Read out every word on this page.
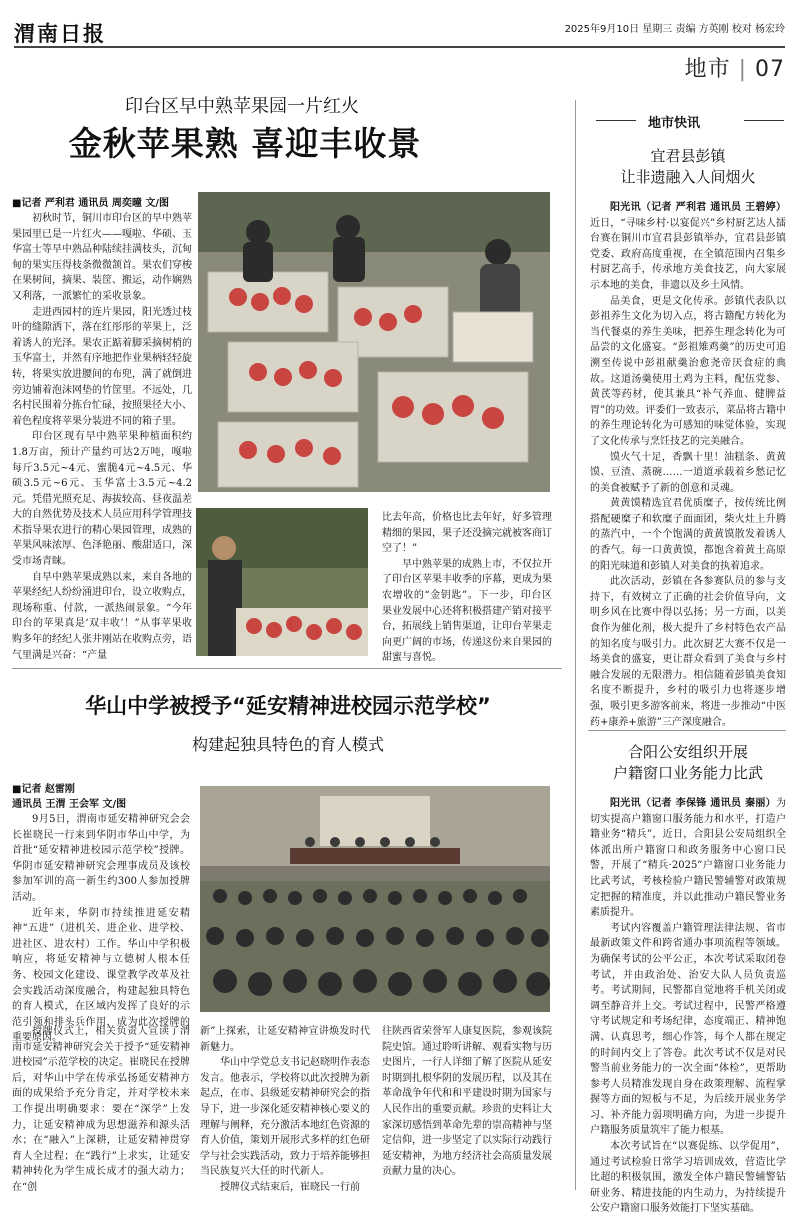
渭南日报	2025年9月10日 星期三 责编 方英刚 校对 杨宏玲
地市 | 07
印台区早中熟苹果园一片红火
金秋苹果熟 喜迎丰收景
■记者 严利君 通讯员 周奕曈 文/图

初秋时节，铜川市印台区的早中熟苹果园里已是一片红火——嘎啦、华硕、玉华富士等早中熟品种陆续挂满枝头，沉甸甸的果实压得枝条微微颔首。果农们穿梭在果树间，摘果、装筐、搬运，动作娴熟又利落，一派繁忙的采收景象。

走进西园村的连片果园，阳光透过枝叶的缝隙洒下，落在红彤彤的苹果上，泛着诱人的光泽。果农正踮着脚采摘树梢的玉华富士，并然有序地把作业果柄轻轻旋转，将果实放进腰间的布兜，满了就倒进旁边铺着泡沫网垫的竹筐里。不远处，几名村民围着分拣台忙碌，按照果径大小、着色程度将苹果分装进不同的箱子里。

印台区现有早中熟苹果种植面积约1.8万亩，预计产量约可达2万吨，嘎啦每斤3.5元~4元、蜜脆4元~4.5元、华硕3.5元~6元、玉华富士3.5元~4.2元。凭借光照充足、海拔较高、昼夜温差大的自然优势及技术人员应用科学管理技术指导果农进行的精心果园管理，成熟的苹果风味浓厚、色泽艳丽、酸甜适口，深受市场青睐。

自早中熟苹果成熟以来，来自各地的苹果经纪人纷纷涌进印台，设立收购点，现场称重、付款，一派热闹景象。“今年印台的苹果真是‘双丰收’！”从事苹果收购多年的经纪人张井刚站在收购点旁，语气里满是兴奋：“产量

比去年高，价格也比去年好，好多管理精细的果园，果子还没摘完就被客商订空了！”

早中熟苹果的成熟上市，不仅拉开了印台区苹果丰收季的序幕，更成为果农增收的“金钥匙”。下一步，印台区果业发展中心还将积极搭建产销对接平台，拓展线上销售渠道，让印台苹果走向更广阔的市场，传递这份来自果园的甜蜜与喜悦。

华山中学被授予“延安精神进校园示范学校”
构建起独具特色的育人模式
■记者 赵雷刚
通讯员 王渭 王会军 文/图

9月5日，渭南市延安精神研究会会长崔晓民一行来到华阴市华山中学，为首批“延安精神进校园示范学校”授牌。华阴市延安精神研究会理事成员及该校参加军训的高一新生约300人参加授牌活动。

近年来，华阴市持续推进延安精神“五进”（进机关、进企业、进学校、进社区、进农村）工作。华山中学积极响应，将延安精神与立德树人根本任务、校园文化建设、课堂教学改革及社会实践活动深度融合，构建起独具特色的育人模式，在区域内发挥了良好的示范引领和排头兵作用，成为此次授牌的重要原因。

授牌仪式上，相关负责人宣读了渭南市延安精神研究会关于授予“延安精神进校园”示范学校的决定。崔晓民在授牌后，对华山中学在传承弘扬延安精神方面的成果给予充分肯定，并对学校未来工作提出明确要求：要在“深学”上发力，让延安精神成为思想滋养和源头活水；在“融入”上深耕，让延安精神贯穿育人全过程；在“践行”上求实，让延安精神转化为学生成长成才的强大动力；在“创

新”上探索，让延安精神宣讲焕发时代新魅力。

华山中学党总支书记赵晓明作表态发言。他表示，学校将以此次授牌为新起点，在市、县级延安精神研究会的指导下，进一步深化延安精神核心要义的理解与阐释，充分激活本地红色资源的育人价值，策划开展形式多样的红色研学与社会实践活动，致力于培养能够担当民族复兴大任的时代新人。

授牌仪式结束后，崔晓民一行前

往陕西省荣誉军人康复医院，参观该院院史馆。通过聆听讲解、观看实物与历史图片，一行人详细了解了医院从延安时期到扎根华阴的发展历程，以及其在革命战争年代和和平建设时期为国家与人民作出的重要贡献。珍贵的史料让大家深切感悟到革命先辈的崇高精神与坚定信仰，进一步坚定了以实际行动践行延安精神，为地方经济社会高质量发展贡献力量的决心。

地市快讯
宜君县彭镇
让非遗融入人间烟火

阳光讯（记者 严利君 通讯员 王碧婷）近日，“寻味乡村·以宴促兴”乡村厨艺达人擂台赛在铜川市宜君县彭镇举办，宜君县彭镇党委、政府高度重视，在全镇范围内召集乡村厨艺高手，传承地方美食技艺，向大家展示本地的美食，非遗以及乡土风情。

品美食，更是文化传承。彭镇代表队以彭祖养生文化为切入点，将古籍配方转化为当代餐桌的养生美味，把养生理念转化为可品尝的文化盛宴。“彭祖雉鸡羹”的历史可追溯至传说中彭祖献羹治愈尧帝厌食症的典故。这道汤羹使用土鸡为主料，配伍党参、黄芪等药材，使其兼具“补气养血、健脾益胃”的功效。评委们一致表示，菜品将古籍中的养生理论转化为可感知的味觉体验，实现了文化传承与烹饪技艺的完美融合。

馍火气十足，香飘十里！油糕条、黄黄馍、豆渣、蒸碗……一道道承载着乡愁记忆的美食被赋予了新的创意和灵魂。

黄黄馍精选宜君优质糜子，按传统比例搭配硬糜子和软糜子面面团，柴火灶上升腾的蒸汽中，一个个饱满的黄黄馍散发着诱人的香气。每一口黄黄馍，都饱含着黄土高原的阳光味道和彭镇人对美食的执着追求。

此次活动，彭镇在各参赛队员的参与支持下，有效树立了正确的社会价值导向，文明乡风在比赛中得以弘扬；另一方面，以美食作为催化剂，极大提升了乡村特色农产品的知名度与吸引力。此次厨艺大赛不仅是一场美食的盛宴，更让群众看到了美食与乡村融合发展的无限潜力。相信随着彭镇美食知名度不断提升，乡村的吸引力也将逐步增强，吸引更多游客前来，将进一步推动“中医药+康养+旅游”三产深度融合。

合阳公安组织开展
户籍窗口业务能力比武

阳光讯（记者 李保锋 通讯员 秦丽）为切实提高户籍窗口服务能力和水平，打造户籍业务“精兵”，近日，合阳县公安局组织全体派出所户籍窗口和政务服务中心窗口民警，开展了“精兵·2025”户籍窗口业务能力比武考试，考核检验户籍民警辅警对政策规定把握的精准度，并以此推动户籍民警业务素质提升。

考试内容覆盖户籍管理法律法规、省市最新政策文件和跨省通办事项流程等领域。为确保考试的公平公正，本次考试采取闭卷考试，并由政治处、治安大队人员负责巡考。考试期间，民警都自觉地将手机关闭或调至静音并上交。考试过程中，民警严格遵守考试规定和考场纪律，态度端正、精神饱满、认真思考，细心作答，每个人都在规定的时间内交上了答卷。此次考试不仅是对民警当前业务能力的一次全面“体检”，更帮助参考人员精准发现自身在政策理解、流程掌握等方面的短板与不足，为后续开展业务学习、补齐能力弱项明确方向，为进一步提升户籍服务质量筑牢了能力根基。

本次考试旨在“以赛促练、以学促用”，通过考试检验日常学习培训成效，营造比学比超的积极氛围，激发全体户籍民警辅警钻研业务、精进技能的内生动力，为持续提升公安户籍窗口服务效能打下坚实基础。
